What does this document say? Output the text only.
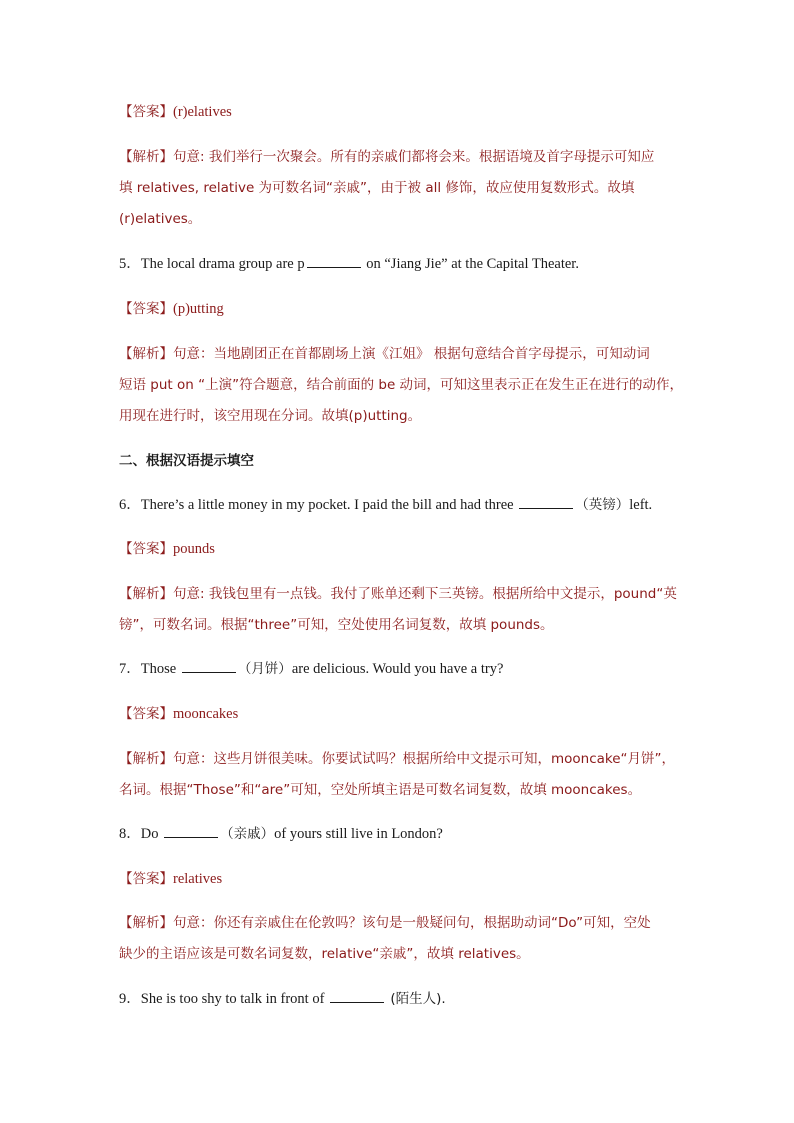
【答案】(r)elatives
【解析】句意: 我们举行一次聚会。所有的亲戚们都将会来。根据语境及首字母提示可知应
填 relatives, relative 为可数名词“亲戚”，由于被 all 修饰，故应使用复数形式。故填
(r)elatives。
5．The local drama group are p	on “Jiang Jie” at the Capital Theater.
【答案】(p)utting
【解析】句意：当地剧团正在首都剧场上演《江姐》 根据句意结合首字母提示，可知动词
短语 put on “上演”符合题意，结合前面的 be 动词，可知这里表示正在发生正在进行的动作，
用现在进行时，该空用现在分词。故填(p)utting。
二、根据汉语提示填空
6．There’s a little money in my pocket. I paid the bill and had three	（英镑）left.
【答案】pounds
【解析】句意: 我钱包里有一点钱。我付了账单还剩下三英镑。根据所给中文提示，pound“英
镑”，可数名词。根据“three”可知，空处使用名词复数，故填 pounds。
7．Those	（月饼）are delicious. Would you have a try?
【答案】mooncakes
【解析】句意：这些月饼很美味。你要试试吗？根据所给中文提示可知，mooncake“月饼”，
名词。根据“Those”和“are”可知，空处所填主语是可数名词复数，故填 mooncakes。
8．Do	（亲戚）of yours still live in London?
【答案】relatives
【解析】句意：你还有亲戚住在伦敦吗？该句是一般疑问句，根据助动词“Do”可知，空处
缺少的主语应该是可数名词复数，relative“亲戚”，故填 relatives。
9．She is too shy to talk in front of	(陌生人).
